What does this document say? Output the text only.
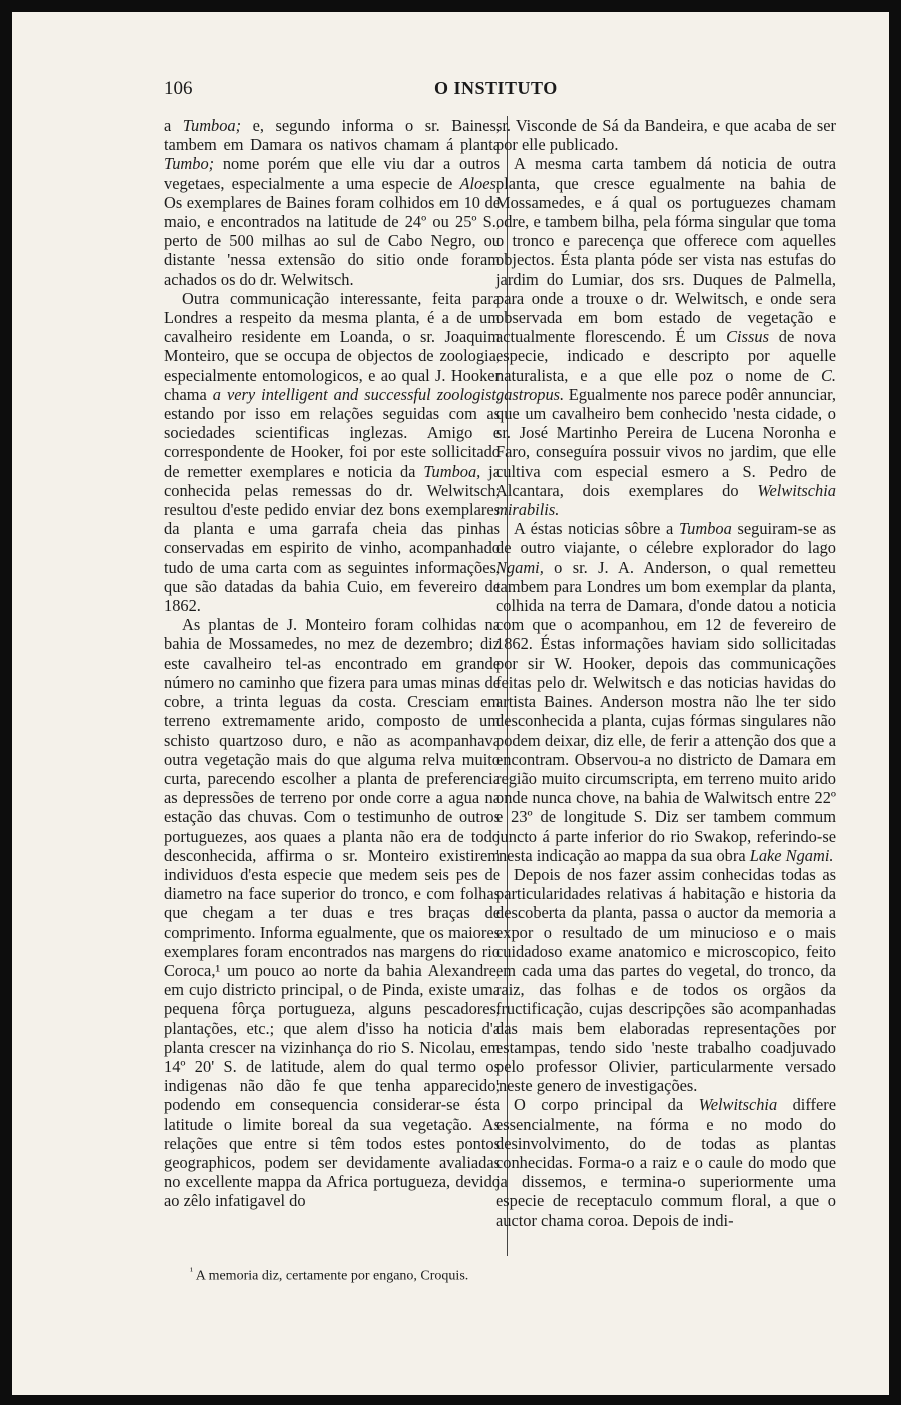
106	O INSTITUTO

a Tumboa; e, segundo informa o sr. Baines, tambem em Damara os nativos chamam á planta Tumbo; nome porém que elle viu dar a outros vegetaes, especialmente a uma especie de Aloes. Os exemplares de Baines foram colhidos em 10 de maio, e encontrados na latitude de 24º ou 25º S., perto de 500 milhas ao sul de Cabo Negro, ou distante 'nessa extensão do sitio onde foram achados os do dr. Welwitsch.

Outra communicação interessante, feita para Londres a respeito da mesma planta, é a de um cavalheiro residente em Loanda, o sr. Joaquim Monteiro, que se occupa de objectos de zoologia, especialmente entomologicos, e ao qual J. Hooker chama a very intelligent and successful zoologist, estando por isso em relações seguidas com as sociedades scientificas inglezas. Amigo e correspondente de Hooker, foi por este sollicitado de remetter exemplares e noticia da Tumboa, ja conhecida pelas remessas do dr. Welwitsch; resultou d'este pedido enviar dez bons exemplares da planta e uma garrafa cheia das pinhas conservadas em espirito de vinho, acompanhado tudo de uma carta com as seguintes informações, que são datadas da bahia Cuio, em fevereiro de 1862.

As plantas de J. Monteiro foram colhidas na bahia de Mossamedes, no mez de dezembro; diz este cavalheiro tel-as encontrado em grande número no caminho que fizera para umas minas de cobre, a trinta leguas da costa. Cresciam em terreno extremamente arido, composto de um schisto quartzoso duro, e não as acompanhava outra vegetação mais do que alguma relva muito curta, parecendo escolher a planta de preferencia as depressões de terreno por onde corre a agua na estação das chuvas. Com o testimunho de outros portuguezes, aos quaes a planta não era de todo desconhecida, affirma o sr. Monteiro existirem individuos d'esta especie que medem seis pes de diametro na face superior do tronco, e com folhas que chegam a ter duas e tres braças de comprimento. Informa egualmente, que os maiores exemplares foram encontrados nas margens do rio Coroca,¹ um pouco ao norte da bahia Alexandre, em cujo districto principal, o de Pinda, existe uma pequena fôrça portugueza, alguns pescadores, plantações, etc.; que alem d'isso ha noticia d'a planta crescer na vizinhança do rio S. Nicolau, em 14º 20' S. de latitude, alem do qual termo os indigenas não dão fe que tenha apparecido; podendo em consequencia considerar-se ésta latitude o limite boreal da sua vegetação. As relações que entre si têm todos estes pontos geographicos, podem ser devidamente avaliadas no excellente mappa da Africa portugueza, devido ao zêlo infatigavel do

sr. Visconde de Sá da Bandeira, e que acaba de ser por elle publicado.

A mesma carta tambem dá noticia de outra planta, que cresce egualmente na bahia de Mossamedes, e á qual os portuguezes chamam odre, e tambem bilha, pela fórma singular que toma o tronco e parecença que offerece com aquelles objectos. Ésta planta póde ser vista nas estufas do jardim do Lumiar, dos srs. Duques de Palmella, para onde a trouxe o dr. Welwitsch, e onde sera observada em bom estado de vegetação e actualmente florescendo. É um Cissus de nova especie, indicado e descripto por aquelle naturalista, e a que elle poz o nome de C. gastropus. Egualmente nos parece podêr annunciar, que um cavalheiro bem conhecido 'nesta cidade, o sr. José Martinho Pereira de Lucena Noronha e Faro, conseguíra possuir vivos no jardim, que elle cultiva com especial esmero a S. Pedro de Alcantara, dois exemplares do Welwitschia mirabilis.

A éstas noticias sôbre a Tumboa seguiram-se as de outro viajante, o célebre explorador do lago Ngami, o sr. J. A. Anderson, o qual remetteu tambem para Londres um bom exemplar da planta, colhida na terra de Damara, d'onde datou a noticia com que o acompanhou, em 12 de fevereiro de 1862. Éstas informações haviam sido sollicitadas por sir W. Hooker, depois das communicações feitas pelo dr. Welwitsch e das noticias havidas do artista Baines. Anderson mostra não lhe ter sido desconhecida a planta, cujas fórmas singulares não podem deixar, diz elle, de ferir a attenção dos que a encontram. Observou-a no districto de Damara em região muito circumscripta, em terreno muito arido onde nunca chove, na bahia de Walwitsch entre 22º e 23º de longitude S. Diz ser tambem commum juncto á parte inferior do rio Swakop, referindo-se 'nesta indicação ao mappa da sua obra Lake Ngami.

Depois de nos fazer assim conhecidas todas as particularidades relativas á habitação e historia da descoberta da planta, passa o auctor da memoria a expor o resultado de um minucioso e o mais cuidadoso exame anatomico e microscopico, feito em cada uma das partes do vegetal, do tronco, da raiz, das folhas e de todos os orgãos da fructificação, cujas descripções são acompanhadas das mais bem elaboradas representações por estampas, tendo sido 'neste trabalho coadjuvado pelo professor Olivier, particularmente versado 'neste genero de investigações.

O corpo principal da Welwitschia differe essencialmente, na fórma e no modo do desinvolvimento, do de todas as plantas conhecidas. Forma-o a raiz e o caule do modo que ja dissemos, e termina-o superiormente uma especie de receptaculo commum floral, a que o auctor chama coroa. Depois de indi-

$^{^1}$ A memoria diz, certamente por engano, Croquis.
